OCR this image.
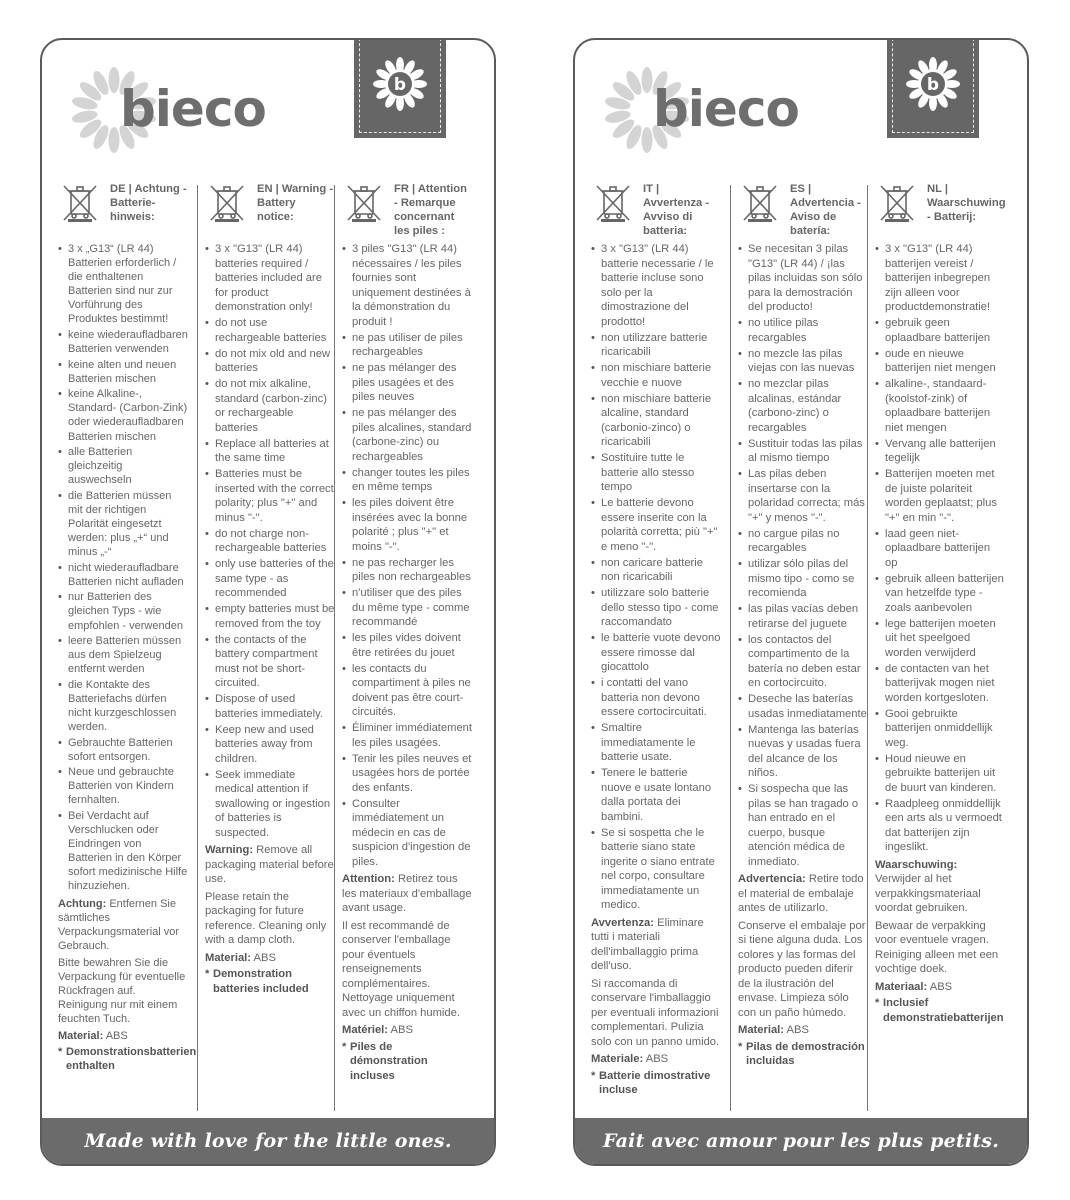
bieco	b
DE | Achtung - Batterie-hinweis:
• 3 x „G13“ (LR 44) Batterien erforderlich / die enthaltenen Batterien sind nur zur Vorführung des Produktes bestimmt!
• keine wiederaufladbaren Batterien verwenden
• keine alten und neuen Batterien mischen
• keine Alkaline-, Standard- (Carbon-Zink) oder wiederaufladbaren Batterien mischen
• alle Batterien gleichzeitig auswechseln
• die Batterien müssen mit der richtigen Polarität eingesetzt werden: plus „+“ und minus „-“
• nicht wiederaufladbare Batterien nicht aufladen
• nur Batterien des gleichen Typs - wie empfohlen - verwenden
• leere Batterien müssen aus dem Spielzeug entfernt werden
• die Kontakte des Batteriefachs dürfen nicht kurzgeschlossen werden.
• Gebrauchte Batterien sofort entsorgen.
• Neue und gebrauchte Batterien von Kindern fernhalten.
• Bei Verdacht auf Verschlucken oder Eindringen von Batterien in den Körper sofort medizinische Hilfe hinzuziehen.
Achtung: Entfernen Sie sämtliches Verpackungsmaterial vor Gebrauch.
Bitte bewahren Sie die Verpackung für eventuelle Rückfragen auf. Reinigung nur mit einem feuchten Tuch.
Material: ABS
* Demonstrationsbatterien enthalten
EN | Warning - Battery notice:
• 3 x "G13" (LR 44) batteries required / batteries included are for product demonstration only!
• do not use rechargeable batteries
• do not mix old and new batteries
• do not mix alkaline, standard (carbon-zinc) or rechargeable batteries
• Replace all batteries at the same time
• Batteries must be inserted with the correct polarity; plus "+" and minus "-".
• do not charge non-rechargeable batteries
• only use batteries of the same type - as recommended
• empty batteries must be removed from the toy
• the contacts of the battery compartment must not be short-circuited.
• Dispose of used batteries immediately.
• Keep new and used batteries away from children.
• Seek immediate medical attention if swallowing or ingestion of batteries is suspected.
Warning: Remove all packaging material before use.
Please retain the packaging for future reference. Cleaning only with a damp cloth.
Material: ABS
* Demonstration batteries included
FR | Attention - Remarque concernant les piles :
• 3 piles "G13" (LR 44) nécessaires / les piles fournies sont uniquement destinées à la démonstration du produit !
• ne pas utiliser de piles rechargeables
• ne pas mélanger des piles usagées et des piles neuves
• ne pas mélanger des piles alcalines, standard (carbone-zinc) ou rechargeables
• changer toutes les piles en même temps
• les piles doivent être insérées avec la bonne polarité ; plus "+" et moins "-".
• ne pas recharger les piles non rechargeables
• n'utiliser que des piles du même type - comme recommandé
• les piles vides doivent être retirées du jouet
• les contacts du compartiment à piles ne doivent pas être court-circuités.
• Éliminer immédiatement les piles usagées.
• Tenir les piles neuves et usagées hors de portée des enfants.
• Consulter immédiatement un médecin en cas de suspicion d'ingestion de piles.
Attention: Retirez tous les materiaux d'emballage avant usage.
Il est recommandé de conserver l'emballage pour éventuels renseignements complémentaires. Nettoyage uniquement avec un chiffon humide.
Matériel: ABS
* Piles de démonstration incluses
Made with love for the little ones.
bieco	b
IT | Avvertenza - Avviso di batteria:
• 3 x "G13" (LR 44) batterie necessarie / le batterie incluse sono solo per la dimostrazione del prodotto!
• non utilizzare batterie ricaricabili
• non mischiare batterie vecchie e nuove
• non mischiare batterie alcaline, standard (carbonio-zinco) o ricaricabili
• Sostituire tutte le batterie allo stesso tempo
• Le batterie devono essere inserite con la polarità corretta; più "+" e meno "-".
• non caricare batterie non ricaricabili
• utilizzare solo batterie dello stesso tipo - come raccomandato
• le batterie vuote devono essere rimosse dal giocattolo
• i contatti del vano batteria non devono essere cortocircuitati.
• Smaltire immediatamente le batterie usate.
• Tenere le batterie nuove e usate lontano dalla portata dei bambini.
• Se si sospetta che le batterie siano state ingerite o siano entrate nel corpo, consultare immediatamente un medico.
Avvertenza: Eliminare tutti i materiali dell'imballaggio prima dell'uso.
Si raccomanda di conservare l'imballaggio per eventuali informazioni complementari. Pulizia solo con un panno umido.
Materiale: ABS
* Batterie dimostrative incluse
ES | Advertencia - Aviso de batería:
• Se necesitan 3 pilas "G13" (LR 44) / ¡las pilas incluidas son sólo para la demostración del producto!
• no utilice pilas recargables
• no mezcle las pilas viejas con las nuevas
• no mezclar pilas alcalinas, estándar (carbono-zinc) o recargables
• Sustituir todas las pilas al mismo tiempo
• Las pilas deben insertarse con la polaridad correcta; más "+" y menos "-".
• no cargue pilas no recargables
• utilizar sólo pilas del mismo tipo - como se recomienda
• las pilas vacías deben retirarse del juguete
• los contactos del compartimento de la batería no deben estar en cortocircuito.
• Deseche las baterías usadas inmediatamente
• Mantenga las baterías nuevas y usadas fuera del alcance de los niños.
• Si sospecha que las pilas se han tragado o han entrado en el cuerpo, busque atención médica de inmediato.
Advertencia: Retire todo el material de embalaje antes de utilizarlo.
Conserve el embalaje por si tiene alguna duda. Los colores y las formas del producto pueden diferir de la ilustración del envase. Limpieza sólo con un paño húmedo.
Material: ABS
* Pilas de demostración incluidas
NL | Waarschuwing - Batterij:
• 3 x "G13" (LR 44) batterijen vereist / batterijen inbegrepen zijn alleen voor productdemonstratie!
• gebruik geen oplaadbare batterijen
• oude en nieuwe batterijen niet mengen
• alkaline-, standaard- (koolstof-zink) of oplaadbare batterijen niet mengen
• Vervang alle batterijen tegelijk
• Batterijen moeten met de juiste polariteit worden geplaatst; plus "+" en min "-".
• laad geen niet-oplaadbare batterijen op
• gebruik alleen batterijen van hetzelfde type - zoals aanbevolen
• lege batterijen moeten uit het speelgoed worden verwijderd
• de contacten van het batterijvak mogen niet worden kortgesloten.
• Gooi gebruikte batterijen onmiddellijk weg.
• Houd nieuwe en gebruikte batterijen uit de buurt van kinderen.
• Raadpleeg onmiddellijk een arts als u vermoedt dat batterijen zijn ingeslikt.
Waarschuwing: Verwijder al het verpakkingsmateriaal voordat gebruiken.
Bewaar de verpakking voor eventuele vragen. Reiniging alleen met een vochtige doek.
Materiaal: ABS
* Inclusief demonstratiebatterijen
Fait avec amour pour les plus petits.
